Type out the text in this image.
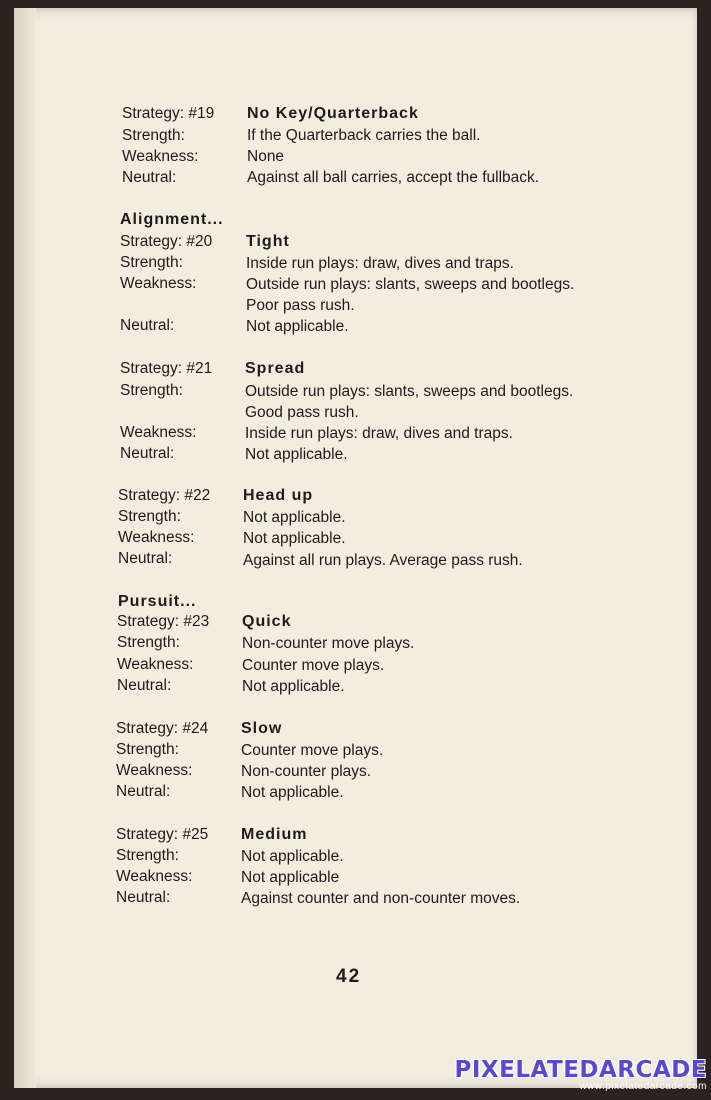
Strategy: #19 No Key/Quarterback
Strength:	If the Quarterback carries the ball.
Weakness:	None
Neutral:	Against all ball carries, accept the fullback.
Alignment...
Strategy: #20 Tight
Strength:	Inside run plays: draw, dives and traps.
Weakness:	Outside run plays: slants, sweeps and bootlegs.
Poor pass rush.
Neutral:	Not applicable.
Strategy: #21 Spread
Strength:	Outside run plays: slants, sweeps and bootlegs.
Good pass rush.
Weakness:	Inside run plays: draw, dives and traps.
Neutral:	Not applicable.
Strategy: #22 Head up
Strength:	Not applicable.
Weakness:	Not applicable.
Neutral:	Against all run plays. Average pass rush.
Pursuit...
Strategy: #23 Quick
Strength:	Non-counter move plays.
Weakness:	Counter move plays.
Neutral:	Not applicable.
Strategy: #24 Slow
Strength:	Counter move plays.
Weakness:	Non-counter plays.
Neutral:	Not applicable.
Strategy: #25 Medium
Strength:	Not applicable.
Weakness:	Not applicable
Neutral:	Against counter and non-counter moves.
42
PIXELATEDARCADE
www.pixelatedarcade.com
